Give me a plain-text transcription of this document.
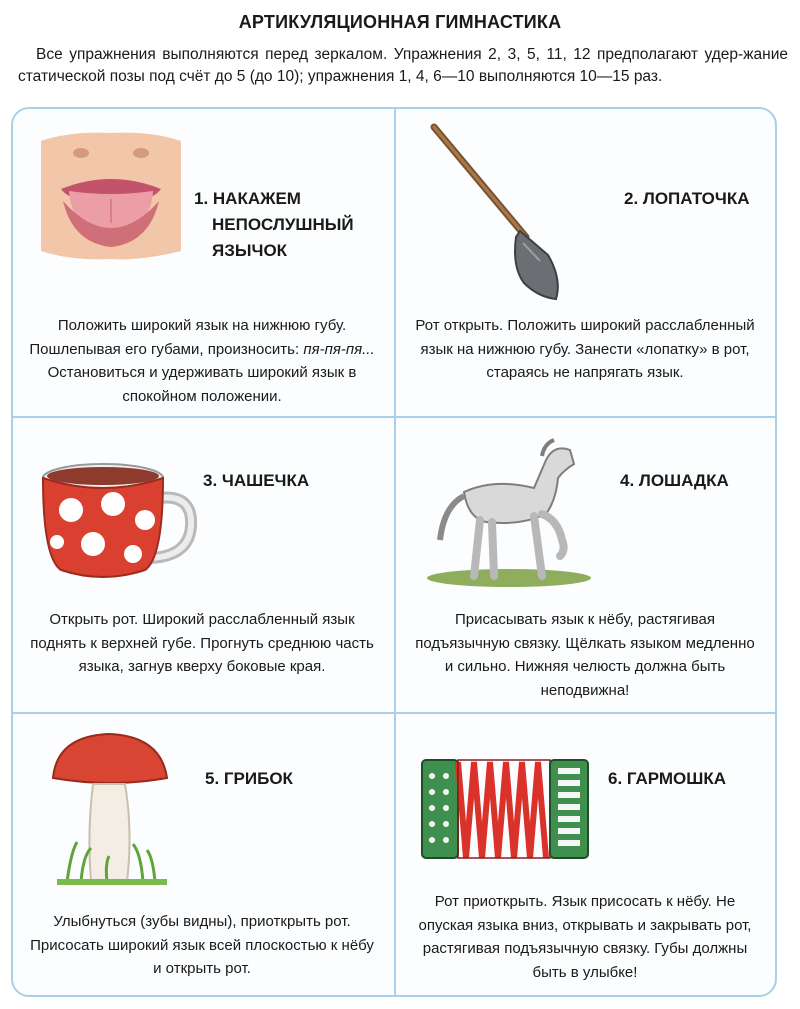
АРТИКУЛЯЦИОННАЯ ГИМНАСТИКА
Все упражнения выполняются перед зеркалом. Упражнения 2, 3, 5, 11, 12 предполагают удер-жание статической позы под счёт до 5 (до 10); упражнения 1, 4, 6—10 выполняются 10—15 раз.
1. НАКАЖЕМ
НЕПОСЛУШНЫЙ
ЯЗЫЧОК
Положить широкий язык на нижнюю губу. Пошлепывая его губами, произносить: пя-пя-пя... Остановиться и удерживать широкий язык в спокойном положении.
2. ЛОПАТОЧКА
Рот открыть. Положить широкий расслабленный язык на нижнюю губу. Занести «лопатку» в рот, стараясь не напрягать язык.
3. ЧАШЕЧКА
Открыть рот. Широкий расслабленный язык поднять к верхней губе. Прогнуть среднюю часть языка, загнув кверху боковые края.
4. ЛОШАДКА
Присасывать язык к нёбу, растягивая подъязычную связку. Щёлкать языком медленно и сильно. Нижняя челюсть должна быть неподвижна!
5. ГРИБОК
Улыбнуться (зубы видны), приоткрыть рот. Присосать широкий язык всей плоскостью к нёбу и открыть рот.
6. ГАРМОШКА
Рот приоткрыть. Язык присосать к нёбу. Не опуская языка вниз, открывать и закрывать рот, растягивая подъязычную связку. Губы должны быть в улыбке!
